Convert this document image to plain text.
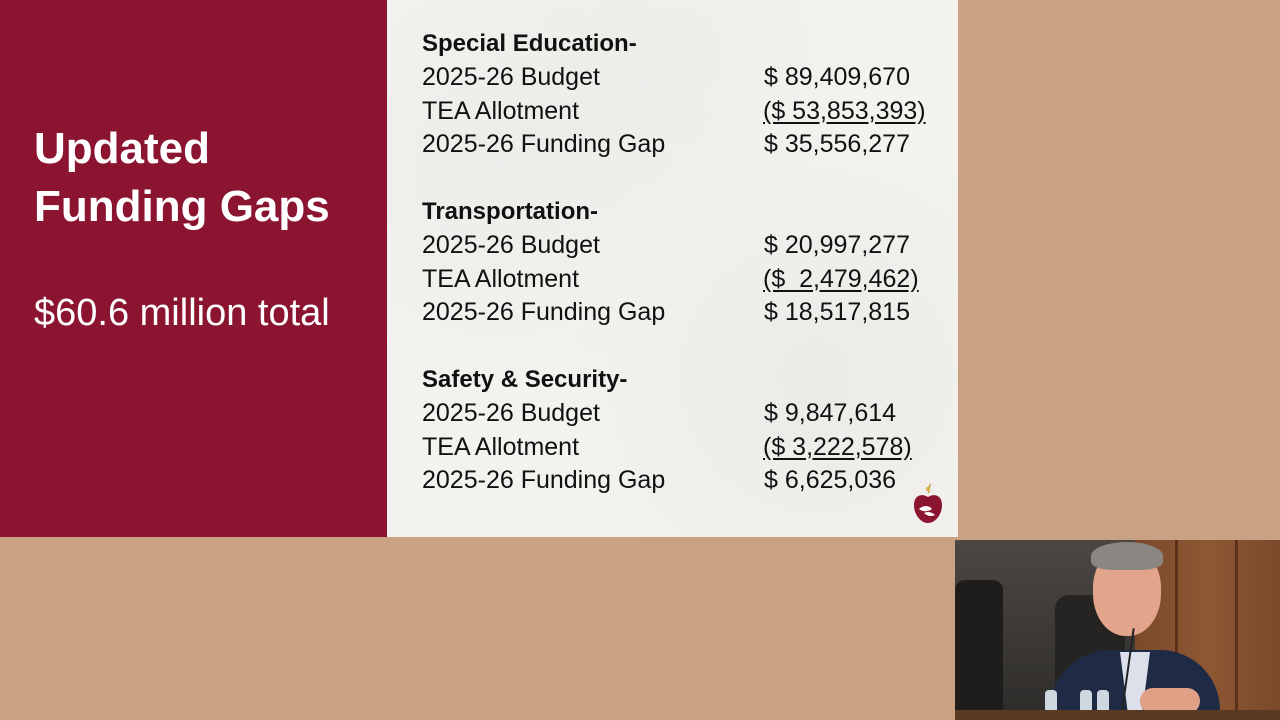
Updated Funding Gaps
$60.6 million total
Special Education-
2025-26 Budget	$ 89,409,670
TEA Allotment	($ 53,853,393)
2025-26 Funding Gap	$ 35,556,277
Transportation-
2025-26 Budget	$ 20,997,277
TEA Allotment	($  2,479,462)
2025-26 Funding Gap	$ 18,517,815
Safety & Security-
2025-26 Budget	$ 9,847,614
TEA Allotment	($ 3,222,578)
2025-26 Funding Gap	$ 6,625,036
